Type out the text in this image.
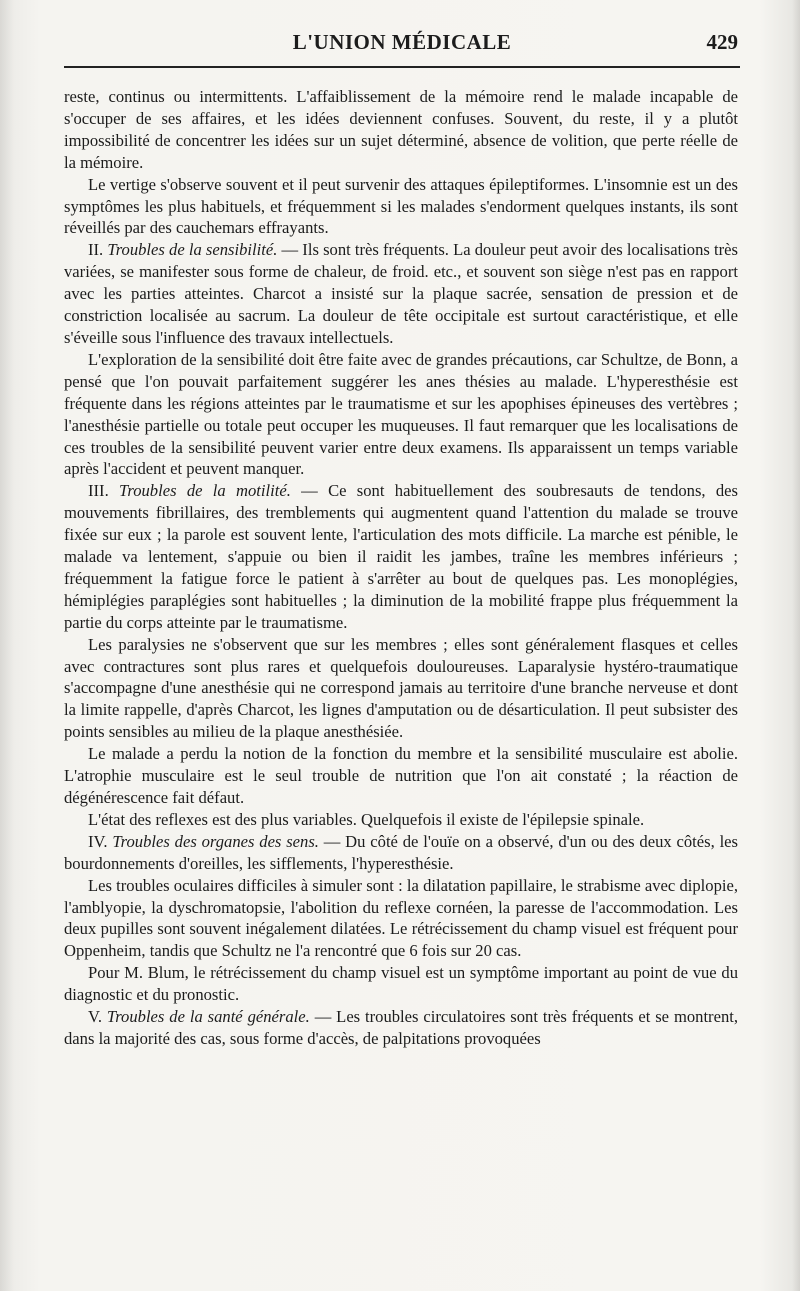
L'UNION MÉDICALE	429

reste, continus ou intermittents. L'affaiblissement de la mémoire rend le malade incapable de s'occuper de ses affaires, et les idées deviennent confuses. Souvent, du reste, il y a plutôt impossibilité de concentrer les idées sur un sujet déterminé, absence de volition, que perte réelle de la mémoire.

Le vertige s'observe souvent et il peut survenir des attaques épileptiformes. L'insomnie est un des symptômes les plus habituels, et fréquemment si les malades s'endorment quelques instants, ils sont réveillés par des cauchemars effrayants.

II. Troubles de la sensibilité. — Ils sont très fréquents. La douleur peut avoir des localisations très variées, se manifester sous forme de chaleur, de froid. etc., et souvent son siège n'est pas en rapport avec les parties atteintes. Charcot a insisté sur la plaque sacrée, sensation de pression et de constriction localisée au sacrum. La douleur de tête occipitale est surtout caractéristique, et elle s'éveille sous l'influence des travaux intellectuels.

L'exploration de la sensibilité doit être faite avec de grandes précautions, car Schultze, de Bonn, a pensé que l'on pouvait parfaitement suggérer les anes thésies au malade. L'hyperesthésie est fréquente dans les régions atteintes par le traumatisme et sur les apophises épineuses des vertèbres ; l'anesthésie partielle ou totale peut occuper les muqueuses. Il faut remarquer que les localisations de ces troubles de la sensibilité peuvent varier entre deux examens. Ils apparaissent un temps variable après l'accident et peuvent manquer.

III. Troubles de la motilité. — Ce sont habituellement des soubresauts de tendons, des mouvements fibrillaires, des tremblements qui augmentent quand l'attention du malade se trouve fixée sur eux ; la parole est souvent lente, l'articulation des mots difficile. La marche est pénible, le malade va lentement, s'appuie ou bien il raidit les jambes, traîne les membres inférieurs ; fréquemment la fatigue force le patient à s'arrêter au bout de quelques pas. Les monoplégies, hémiplégies paraplégies sont habituelles ; la diminution de la mobilité frappe plus fréquemment la partie du corps atteinte par le traumatisme.

Les paralysies ne s'observent que sur les membres ; elles sont généralement flasques et celles avec contractures sont plus rares et quelquefois douloureuses. Laparalysie hystéro-traumatique s'accompagne d'une anesthésie qui ne correspond jamais au territoire d'une branche nerveuse et dont la limite rappelle, d'après Charcot, les lignes d'amputation ou de désarticulation. Il peut subsister des points sensibles au milieu de la plaque anesthésiée.

Le malade a perdu la notion de la fonction du membre et la sensibilité musculaire est abolie. L'atrophie musculaire est le seul trouble de nutrition que l'on ait constaté ; la réaction de dégénérescence fait défaut.

L'état des reflexes est des plus variables. Quelquefois il existe de l'épilepsie spinale.

IV. Troubles des organes des sens. — Du côté de l'ouïe on a observé, d'un ou des deux côtés, les bourdonnements d'oreilles, les sifflements, l'hyperesthésie.

Les troubles oculaires difficiles à simuler sont : la dilatation papillaire, le strabisme avec diplopie, l'amblyopie, la dyschromatopsie, l'abolition du reflexe cornéen, la paresse de l'accommodation. Les deux pupilles sont souvent inégalement dilatées. Le rétrécissement du champ visuel est fréquent pour Oppenheim, tandis que Schultz ne l'a rencontré que 6 fois sur 20 cas.

Pour M. Blum, le rétrécissement du champ visuel est un symptôme important au point de vue du diagnostic et du pronostic.

V. Troubles de la santé générale. — Les troubles circulatoires sont très fréquents et se montrent, dans la majorité des cas, sous forme d'accès, de palpitations provoquées
